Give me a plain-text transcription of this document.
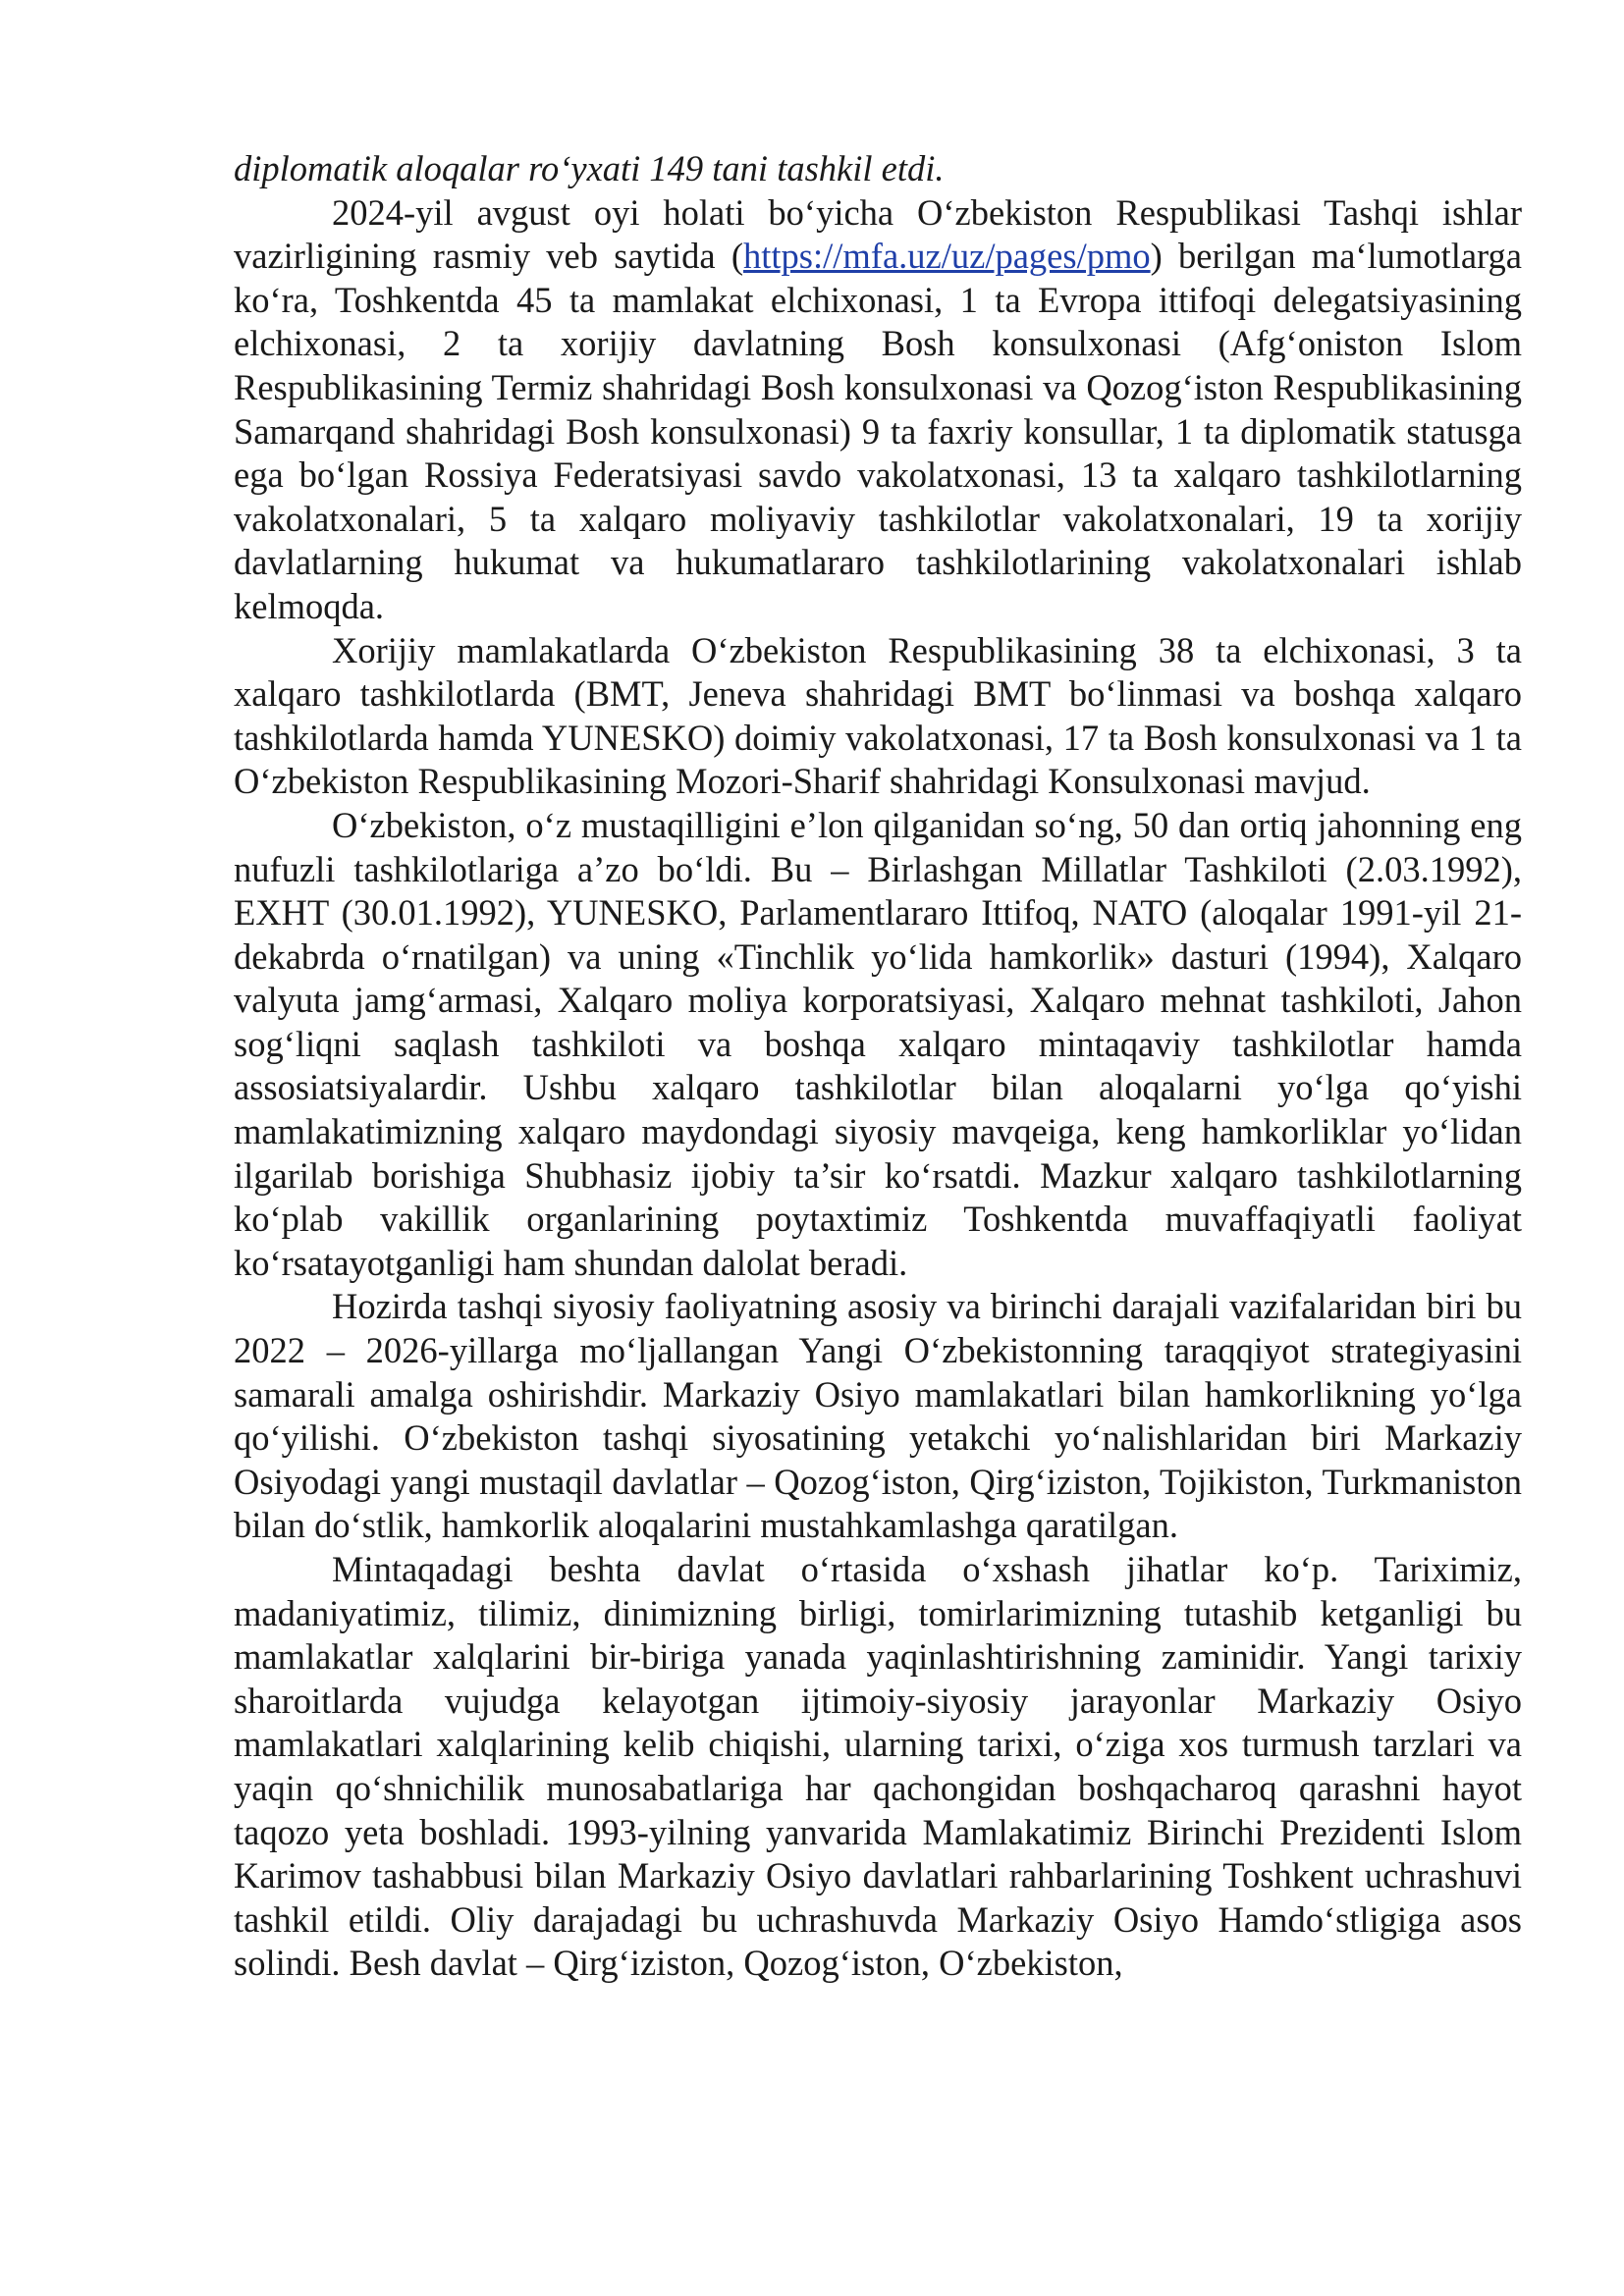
diplomatik aloqalar roʻyxati 149 tani tashkil etdi.

2024-yil avgust oyi holati boʻyicha Oʻzbekiston Respublikasi Tashqi ishlar vazirligining rasmiy veb saytida (https://mfa.uz/uz/pages/pmo) berilgan maʻlumotlarga koʻra, Toshkentda 45 ta mamlakat elchixonasi, 1 ta Evropa ittifoqi delegatsiyasining elchixonasi, 2 ta xorijiy davlatning Bosh konsulxonasi (Afgʻoniston Islom Respublikasining Termiz shahridagi Bosh konsulxonasi va Qozogʻiston Respublikasining Samarqand shahridagi Bosh konsulxonasi) 9 ta faxriy konsullar, 1 ta diplomatik statusga ega boʻlgan Rossiya Federatsiyasi savdo vakolatxonasi, 13 ta xalqaro tashkilotlarning vakolatxonalari, 5 ta xalqaro moliyaviy tashkilotlar vakolatxonalari, 19 ta xorijiy davlatlarning hukumat va hukumatlararo tashkilotlarining vakolatxonalari ishlab kelmoqda.

Xorijiy mamlakatlarda Oʻzbekiston Respublikasining 38 ta elchixonasi, 3 ta xalqaro tashkilotlarda (BMT, Jeneva shahridagi BMT boʻlinmasi va boshqa xalqaro tashkilotlarda hamda YUNESKO) doimiy vakolatxonasi, 17 ta Bosh konsulxonasi va 1 ta Oʻzbekiston Respublikasining Mozori-Sharif shahridagi Konsulxonasi mavjud.

Oʻzbekiston, oʻz mustaqilligini e’lon qilganidan soʻng, 50 dan ortiq jahonning eng nufuzli tashkilotlariga a’zo boʻldi. Bu – Birlashgan Millatlar Tashkiloti (2.03.1992), EXHT (30.01.1992), YUNESKO, Parlamentlararo Ittifoq, NATO (aloqalar 1991-yil 21-dekabrda oʻrnatilgan) va uning «Tinchlik yoʻlida hamkorlik» dasturi (1994), Xalqaro valyuta jamgʻarmasi, Xalqaro moliya korporatsiyasi, Xalqaro mehnat tashkiloti, Jahon sogʻliqni saqlash tashkiloti va boshqa xalqaro mintaqaviy tashkilotlar hamda assosiatsiyalardir. Ushbu xalqaro tashkilotlar bilan aloqalarni yoʻlga qoʻyishi mamlakatimizning xalqaro maydondagi siyosiy mavqeiga, keng hamkorliklar yoʻlidan ilgarilab borishiga Shubhasiz ijobiy ta’sir koʻrsatdi. Mazkur xalqaro tashkilotlarning koʻplab vakillik organlarining poytaxtimiz Toshkentda muvaffaqiyatli faoliyat koʻrsatayotganligi ham shundan dalolat beradi.

Hozirda tashqi siyosiy faoliyatning asosiy va birinchi darajali vazifalaridan biri bu 2022 – 2026-yillarga moʻljallangan Yangi Oʻzbekistonning taraqqiyot strategiyasini samarali amalga oshirishdir. Markaziy Osiyo mamlakatlari bilan hamkorlikning yoʻlga qoʻyilishi. Oʻzbekiston tashqi siyosatining yetakchi yoʻnalishlaridan biri Markaziy Osiyodagi yangi mustaqil davlatlar – Qozogʻiston, Qirgʻiziston, Tojikiston, Turkmaniston bilan doʻstlik, hamkorlik aloqalarini mustahkamlashga qaratilgan.

Mintaqadagi beshta davlat oʻrtasida oʻxshash jihatlar koʻp. Tariximiz, madaniyatimiz, tilimiz, dinimizning birligi, tomirlarimizning tutashib ketganligi bu mamlakatlar xalqlarini bir-biriga yanada yaqinlashtirishning zaminidir. Yangi tarixiy sharoitlarda vujudga kelayotgan ijtimoiy-siyosiy jarayonlar Markaziy Osiyo mamlakatlari xalqlarining kelib chiqishi, ularning tarixi, oʻziga xos turmush tarzlari va yaqin qoʻshnichilik munosabatlariga har qachongidan boshqacharoq qarashni hayot taqozo yeta boshladi. 1993-yilning yanvarida Mamlakatimiz Birinchi Prezidenti Islom Karimov tashabbusi bilan Markaziy Osiyo davlatlari rahbarlarining Toshkent uchrashuvi tashkil etildi. Oliy darajadagi bu uchrashuvda Markaziy Osiyo Hamdoʻstligiga asos solindi. Besh davlat – Qirgʻiziston, Qozogʻiston, Oʻzbekiston,
